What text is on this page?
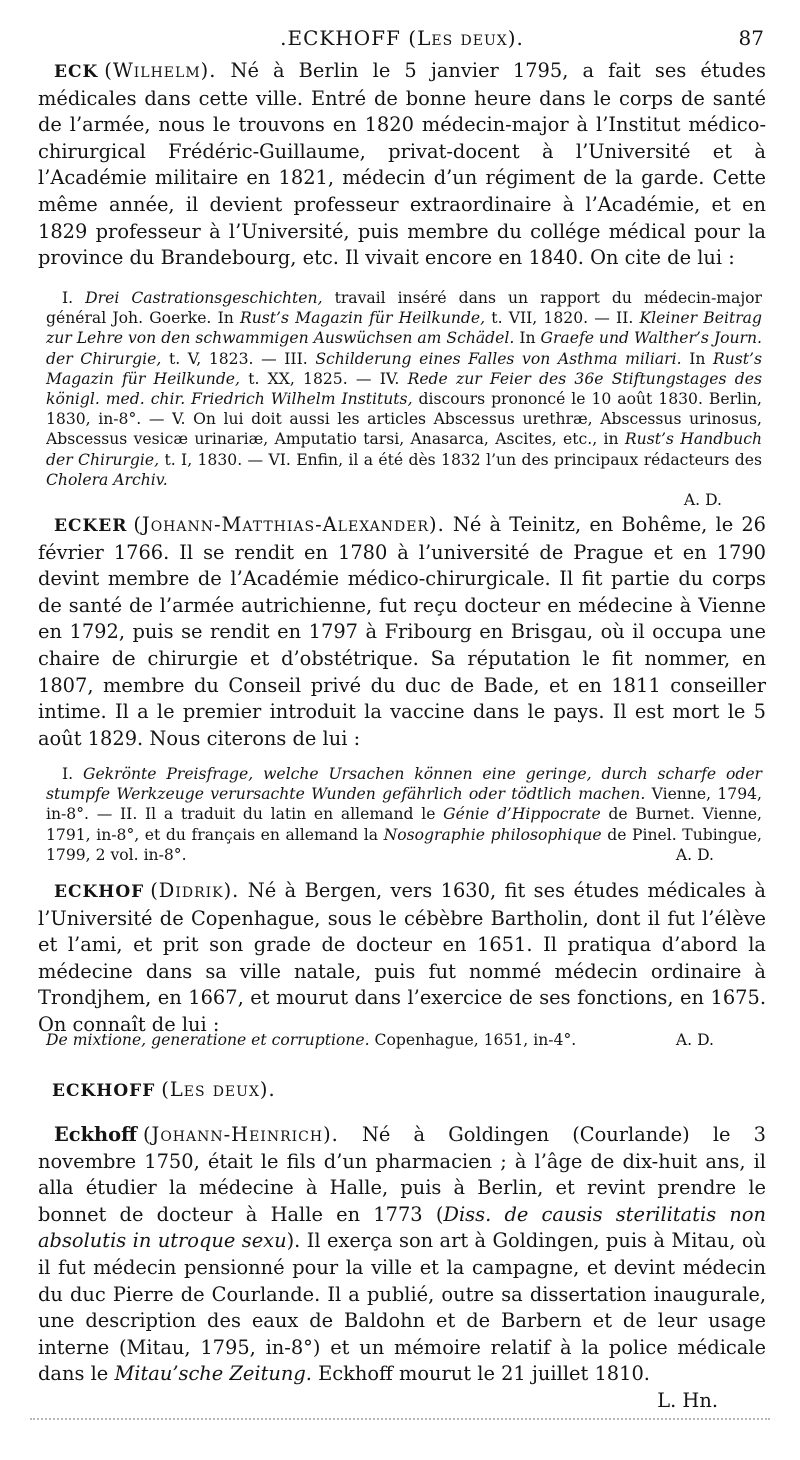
.ECKHOFF (Les deux).	87
ECK (Wilhelm). Né à Berlin le 5 janvier 1795, a fait ses études médicales dans cette ville. Entré de bonne heure dans le corps de santé de l’armée, nous le trouvons en 1820 médecin-major à l’Institut médico-chirurgical Frédéric-Guillaume, privat-docent à l’Université et à l’Académie militaire en 1821, médecin d’un régiment de la garde. Cette même année, il devient professeur extraordinaire à l’Académie, et en 1829 professeur à l’Université, puis membre du collége médical pour la province du Brandebourg, etc. Il vivait encore en 1840. On cite de lui :
I. Drei Castrationsgeschichten, travail inséré dans un rapport du médecin-major général Joh. Goerke. In Rust’s Magazin für Heilkunde, t. VII, 1820. — II. Kleiner Beitrag zur Lehre von den schwammigen Auswüchsen am Schädel. In Graefe und Walther’s Journ. der Chirurgie, t. V, 1823. — III. Schilderung eines Falles von Asthma miliari. In Rust’s Magazin für Heilkunde, t. XX, 1825. — IV. Rede zur Feier des 36e Stiftungstages des königl. med. chir. Friedrich Wilhelm Instituts, discours prononcé le 10 août 1830. Berlin, 1830, in-8°. — V. On lui doit aussi les articles Abscessus urethræ, Abscessus urinosus, Abscessus vesicæ urinariæ, Amputatio tarsi, Anasarca, Ascites, etc., in Rust’s Handbuch der Chirurgie, t. I, 1830. — VI. Enfin, il a été dès 1832 l’un des principaux rédacteurs des Cholera Archiv.
A. D.
ECKER (Johann-Matthias-Alexander). Né à Teinitz, en Bohême, le 26 février 1766. Il se rendit en 1780 à l’université de Prague et en 1790 devint membre de l’Académie médico-chirurgicale. Il fit partie du corps de santé de l’armée autrichienne, fut reçu docteur en médecine à Vienne en 1792, puis se rendit en 1797 à Fribourg en Brisgau, où il occupa une chaire de chirurgie et d’obstétrique. Sa réputation le fit nommer, en 1807, membre du Conseil privé du duc de Bade, et en 1811 conseiller intime. Il a le premier introduit la vaccine dans le pays. Il est mort le 5 août 1829. Nous citerons de lui :
I. Gekrönte Preisfrage, welche Ursachen können eine geringe, durch scharfe oder stumpfe Werkzeuge verursachte Wunden gefährlich oder tödtlich machen. Vienne, 1794, in-8°. — II. Il a traduit du latin en allemand le Génie d’Hippocrate de Burnet. Vienne, 1791, in-8°, et du français en allemand la Nosographie philosophique de Pinel. Tubingue, 1799, 2 vol. in-8°.	A. D.
ECKHOF (Didrik). Né à Bergen, vers 1630, fit ses études médicales à l’Université de Copenhague, sous le cébèbre Bartholin, dont il fut l’élève et l’ami, et prit son grade de docteur en 1651. Il pratiqua d’abord la médecine dans sa ville natale, puis fut nommé médecin ordinaire à Trondjhem, en 1667, et mourut dans l’exercice de ses fonctions, en 1675. On connaît de lui :
De mixtione, generatione et corruptione. Copenhague, 1651, in-4°.	A. D.
ECKHOFF (Les deux).
Eckhoff (Johann-Heinrich). Né à Goldingen (Courlande) le 3 novembre 1750, était le fils d’un pharmacien ; à l’âge de dix-huit ans, il alla étudier la médecine à Halle, puis à Berlin, et revint prendre le bonnet de docteur à Halle en 1773 (Diss. de causis sterilitatis non absolutis in utroque sexu). Il exerça son art à Goldingen, puis à Mitau, où il fut médecin pensionné pour la ville et la campagne, et devint médecin du duc Pierre de Courlande. Il a publié, outre sa dissertation inaugurale, une description des eaux de Baldohn et de Barbern et de leur usage interne (Mitau, 1795, in-8°) et un mémoire relatif à la police médicale dans le Mitau’sche Zeitung. Eckhoff mourut le 21 juillet 1810.
L. Hn.
